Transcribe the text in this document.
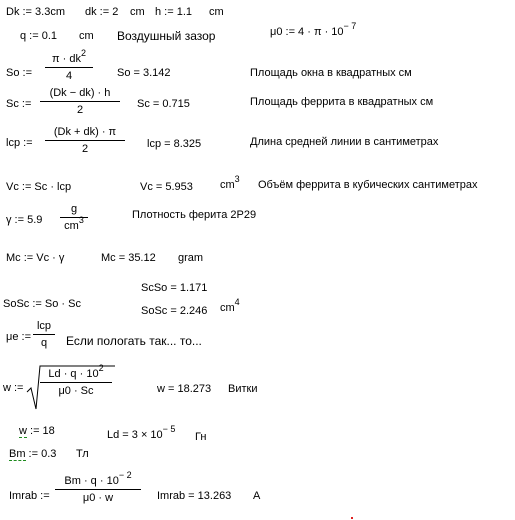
Dk := 3.3cm dk := 2 cm h := 1.1 cm
q := 0.1 cm Воздушный зазор	μ0 := $4 \cdot \pi \cdot 10^{- 7}$
So :=
$\pi \cdot dk^2$
4	So = 3.142	Площадь окна в квадратных см
Sc :=
(Dk − dk) · h
2	Sc = 0.715	Площадь феррита в квадратных см
lcp :=
(Dk + dk) · π
2	lcp = 8.325	Длина средней линии в сантиметрах
Vc := Sc · lcp	Vc = 5.953 $cm^3$ Объём феррита в кубических сантиметрах
γ := 5.9
g
$cm^3$	Плотность ферита 2Р29
Mc := Vc · γ	Mc = 35.12 gram
ScSo = 1.171
SoSc := So · Sc
SoSc = 2.246 $cm^4$
μe :=
lcp
q	Если пологать так... то...
w :=
$Ld \cdot q \cdot 10^2$
μ0 · Sc	w = 18.273 Витки
w := 18	$Ld = 3 \times 10^{- 5}$
Гн
Bm := 0.3 Тл
Imrab :=
$Bm \cdot q \cdot 10^{- 2}$
μ0 · w	Imrab = 13.263 A
